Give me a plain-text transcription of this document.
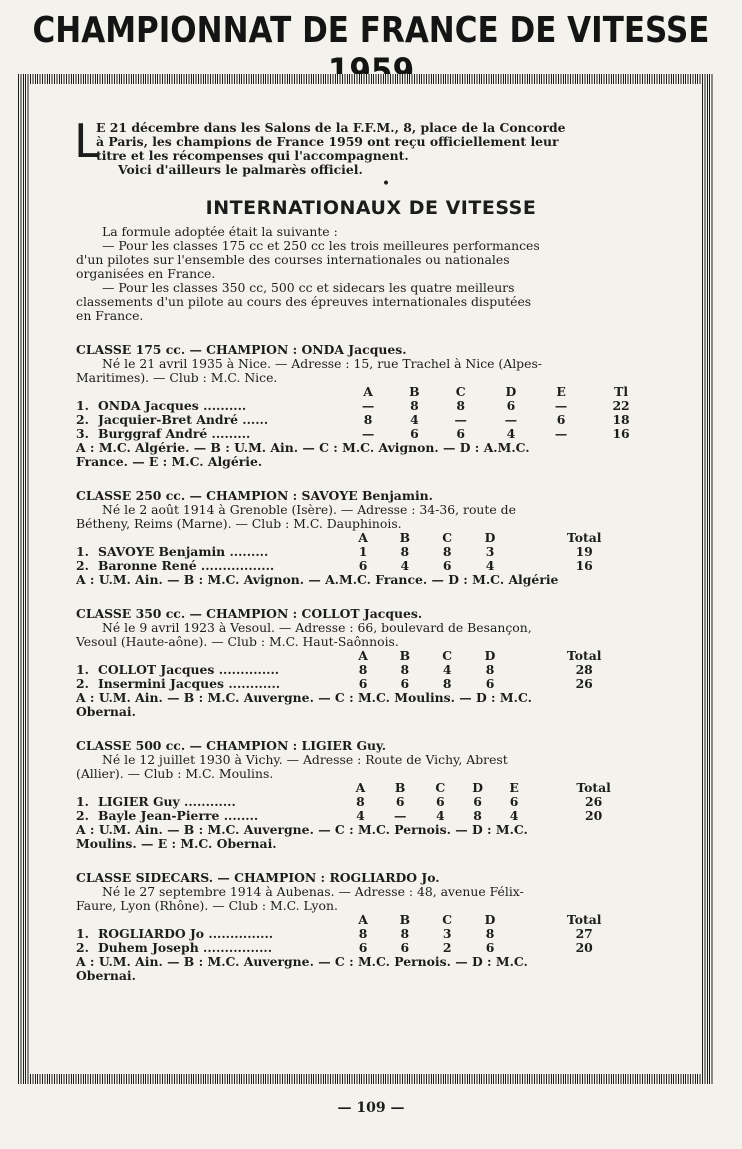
CHAMPIONNAT DE FRANCE DE VITESSE 1959
L

E 21 décembre dans les Salons de la F.F.M., 8, place de la Concorde

à Paris, les champions de France 1959 ont reçu officiellement leur

titre et les récompenses qui l'accompagnent.

Voici d'ailleurs le palmarès officiel.

•
INTERNATIONAUX DE VITESSE

La formule adoptée était la suivante :

— Pour les classes 175 cc et 250 cc les trois meilleures performances

d'un pilotes sur l'ensemble des courses internationales ou nationales

organisées en France.

— Pour les classes 350 cc, 500 cc et sidecars les quatre meilleurs

classements d'un pilote au cours des épreuves internationales disputées

en France.

CLASSE 175 cc. — CHAMPION : ONDA Jacques.
Né le 21 avril 1935 à Nice. — Adresse : 15, rue Trachel à Nice (Alpes-
Maritimes). — Club : M.C. Nice.
		A	B	C	D	E	Tl
1.	ONDA Jacques ..........	—	8	8	6	—	22
2.	Jacquier-Bret André ......	8	4	—	—	6	18
3.	Burggraf André .........	—	6	6	4	—	16

A : M.C. Algérie. — B : U.M. Ain. — C : M.C. Avignon. — D : A.M.C.

France. — E : M.C. Algérie.

CLASSE 250 cc. — CHAMPION : SAVOYE Benjamin.
Né le 2 août 1914 à Grenoble (Isère). — Adresse : 34-36, route de
Bétheny, Reims (Marne). — Club : M.C. Dauphinois.
		A	B	C	D	Total
1.	SAVOYE Benjamin .........	1	8	8	3	19
2.	Baronne René .................	6	4	6	4	16

A : U.M. Ain. — B : M.C. Avignon. — A.M.C. France. — D : M.C. Algérie

CLASSE 350 cc. — CHAMPION : COLLOT Jacques.
Né le 9 avril 1923 à Vesoul. — Adresse : 66, boulevard de Besançon,
Vesoul (Haute-aône). — Club : M.C. Haut-Saônnois.
		A	B	C	D	Total
1.	COLLOT Jacques ..............	8	8	4	8	28
2.	Insermini Jacques ............	6	6	8	6	26

A : U.M. Ain. — B : M.C. Auvergne. — C : M.C. Moulins. — D : M.C.

Obernai.

CLASSE 500 cc. — CHAMPION : LIGIER Guy.
Né le 12 juillet 1930 à Vichy. — Adresse : Route de Vichy, Abrest
(Allier). — Club : M.C. Moulins.
		A	B	C	D	E	Total
1.	LIGIER Guy ............	8	6	6	6	6	26
2.	Bayle Jean-Pierre ........	4	—	4	8	4	20

A : U.M. Ain. — B : M.C. Auvergne. — C : M.C. Pernois. — D : M.C.

Moulins. — E : M.C. Obernai.

CLASSE SIDECARS. — CHAMPION : ROGLIARDO Jo.
Né le 27 septembre 1914 à Aubenas. — Adresse : 48, avenue Félix-
Faure, Lyon (Rhône). — Club : M.C. Lyon.
		A	B	C	D	Total
1.	ROGLIARDO Jo ...............	8	8	3	8	27
2.	Duhem Joseph ................	6	6	2	6	20

A : U.M. Ain. — B : M.C. Auvergne. — C : M.C. Pernois. — D : M.C.

Obernai.

— 109 —
